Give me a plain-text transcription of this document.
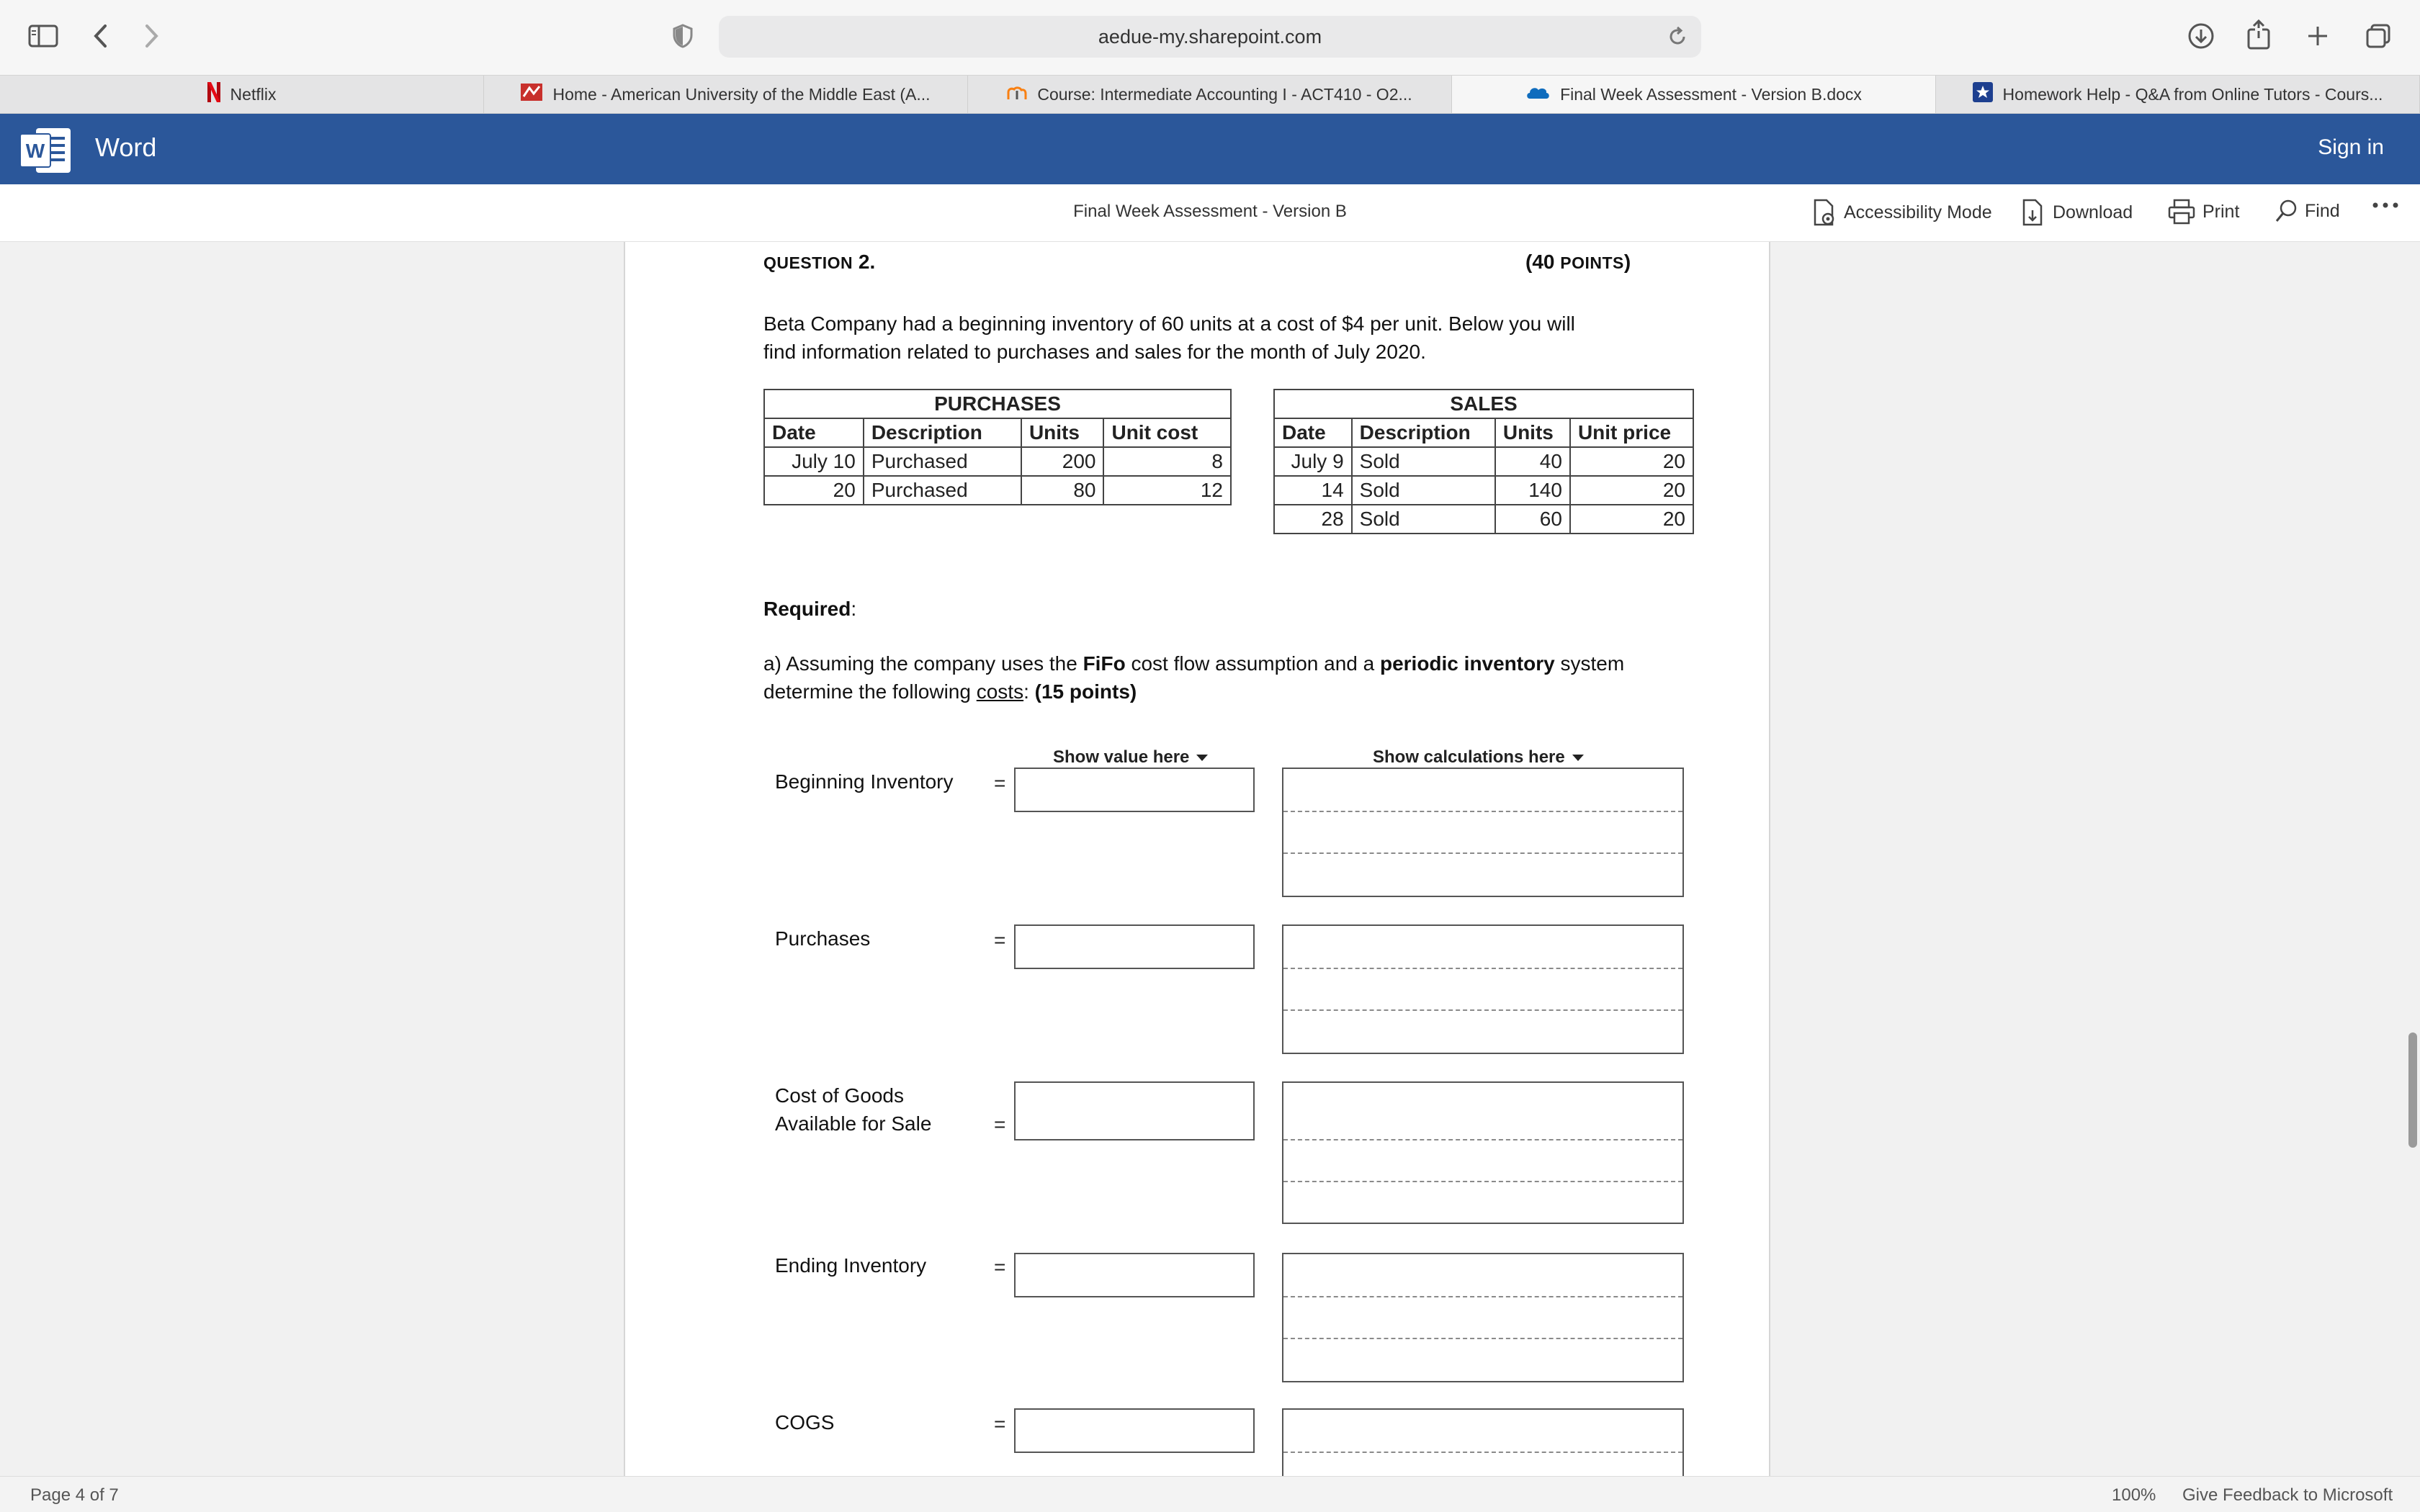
aedue-my.sharepoint.com
Netflix	Home - American University of the Middle East (A...	Course: Intermediate Accounting I - ACT410 - O2...	Final Week Assessment - Version B.docx	Homework Help - Q&A from Online Tutors - Cours...
W Word	Sign in
Final Week Assessment - Version B	Accessibility Mode	Download	Print	Find
QUESTION 2.	(40 POINTS)
Beta Company had a beginning inventory of 60 units at a cost of $4 per unit. Below you will
find information related to purchases and sales for the month of July 2020.
PURCHASES			
Date	Description	Units	Unit cost
July 10	Purchased	200	8
20	Purchased	80	12
SALES			
Date	Description	Units	Unit price
July 9	Sold	40	20
14	Sold	140	20
28	Sold	60	20
Required:
a) Assuming the company uses the FiFo cost flow assumption and a periodic inventory system
determine the following costs: (15 points)
Show value here	Show calculations here
Beginning Inventory =
Purchases	=
Cost of Goods
Available for Sale	=
Ending Inventory	=
COGS	=
Page 4 of 7	100% Give Feedback to Microsoft
